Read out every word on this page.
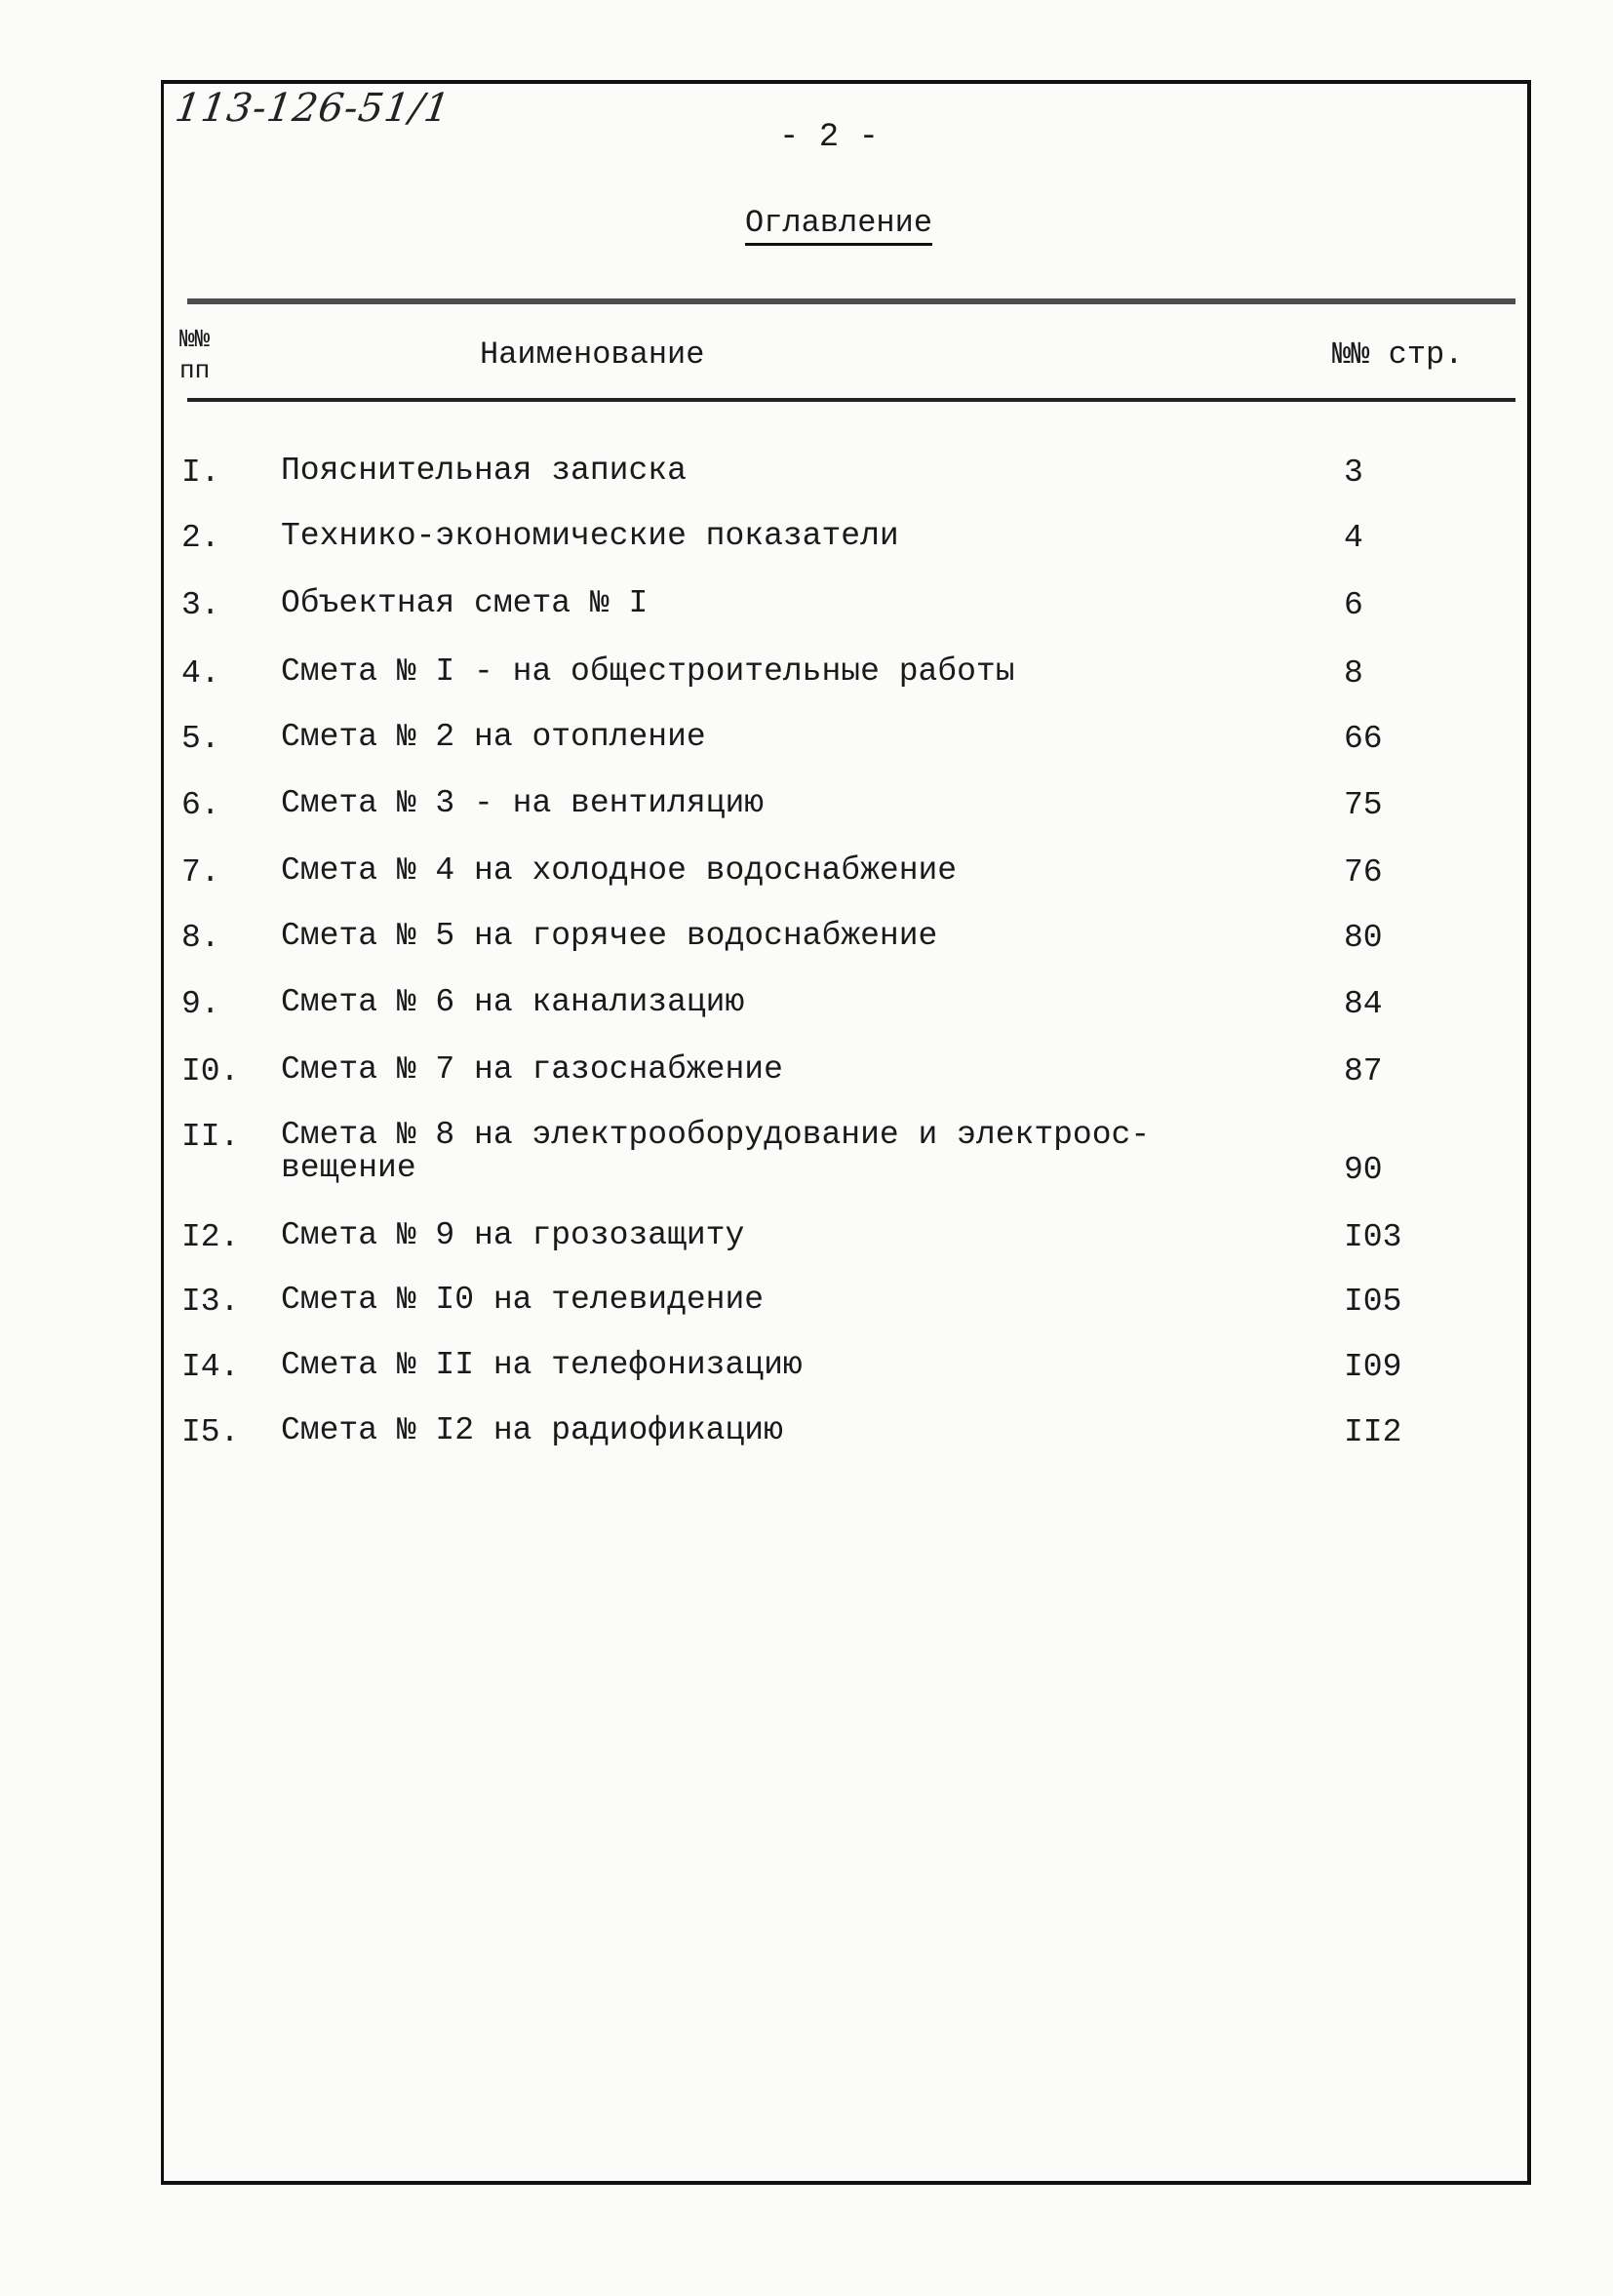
113-126-51/1
- 2 -
Оглавление
№№ пп	Наименование	№№ стр.
I. Пояснительная записка	3
2. Технико-экономические показатели	4
3. Объектная смета № I	6
4. Смета № I - на общестроительные работы	8
5. Смета № 2 на отопление	66
6. Смета № 3 - на вентиляцию	75
7. Смета № 4 на холодное водоснабжение	76
8. Смета № 5 на горячее водоснабжение	80
9. Смета № 6 на канализацию	84
I0. Смета № 7 на газоснабжение	87
II. Смета № 8 на электрооборудование и электроос-вещение	90
I2. Смета № 9 на грозозащиту	I03
I3. Смета № I0 на телевидение	I05
I4. Смета № II на телефонизацию	I09
I5. Смета № I2 на радиофикацию	II2
